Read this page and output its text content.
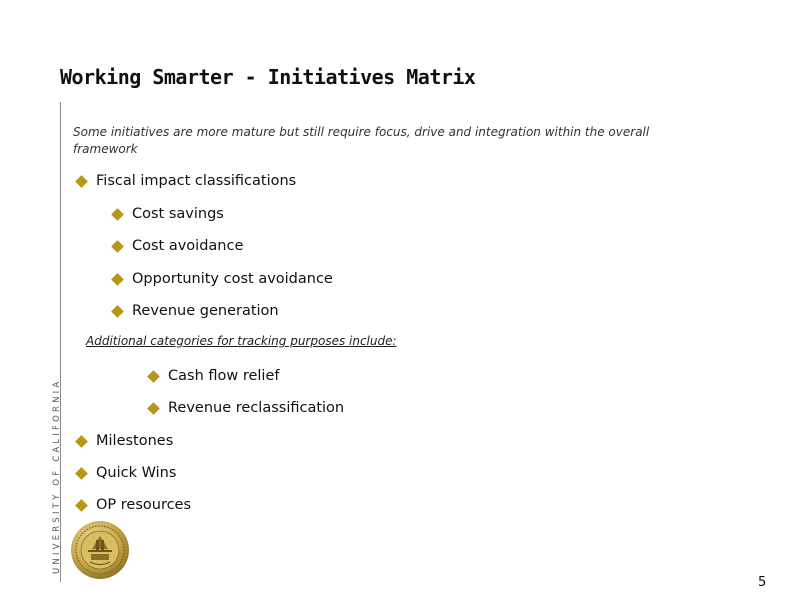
Working Smarter - Initiatives Matrix
UNIVERSITY OF CALIFORNIA
Some initiatives are more mature but still require focus, drive and integration within the overall framework
Fiscal impact classifications
Cost savings
Cost avoidance
Opportunity cost avoidance
Revenue generation
Additional categories for tracking purposes include:
Cash flow relief
Revenue reclassification
Milestones
Quick Wins
OP resources
5
